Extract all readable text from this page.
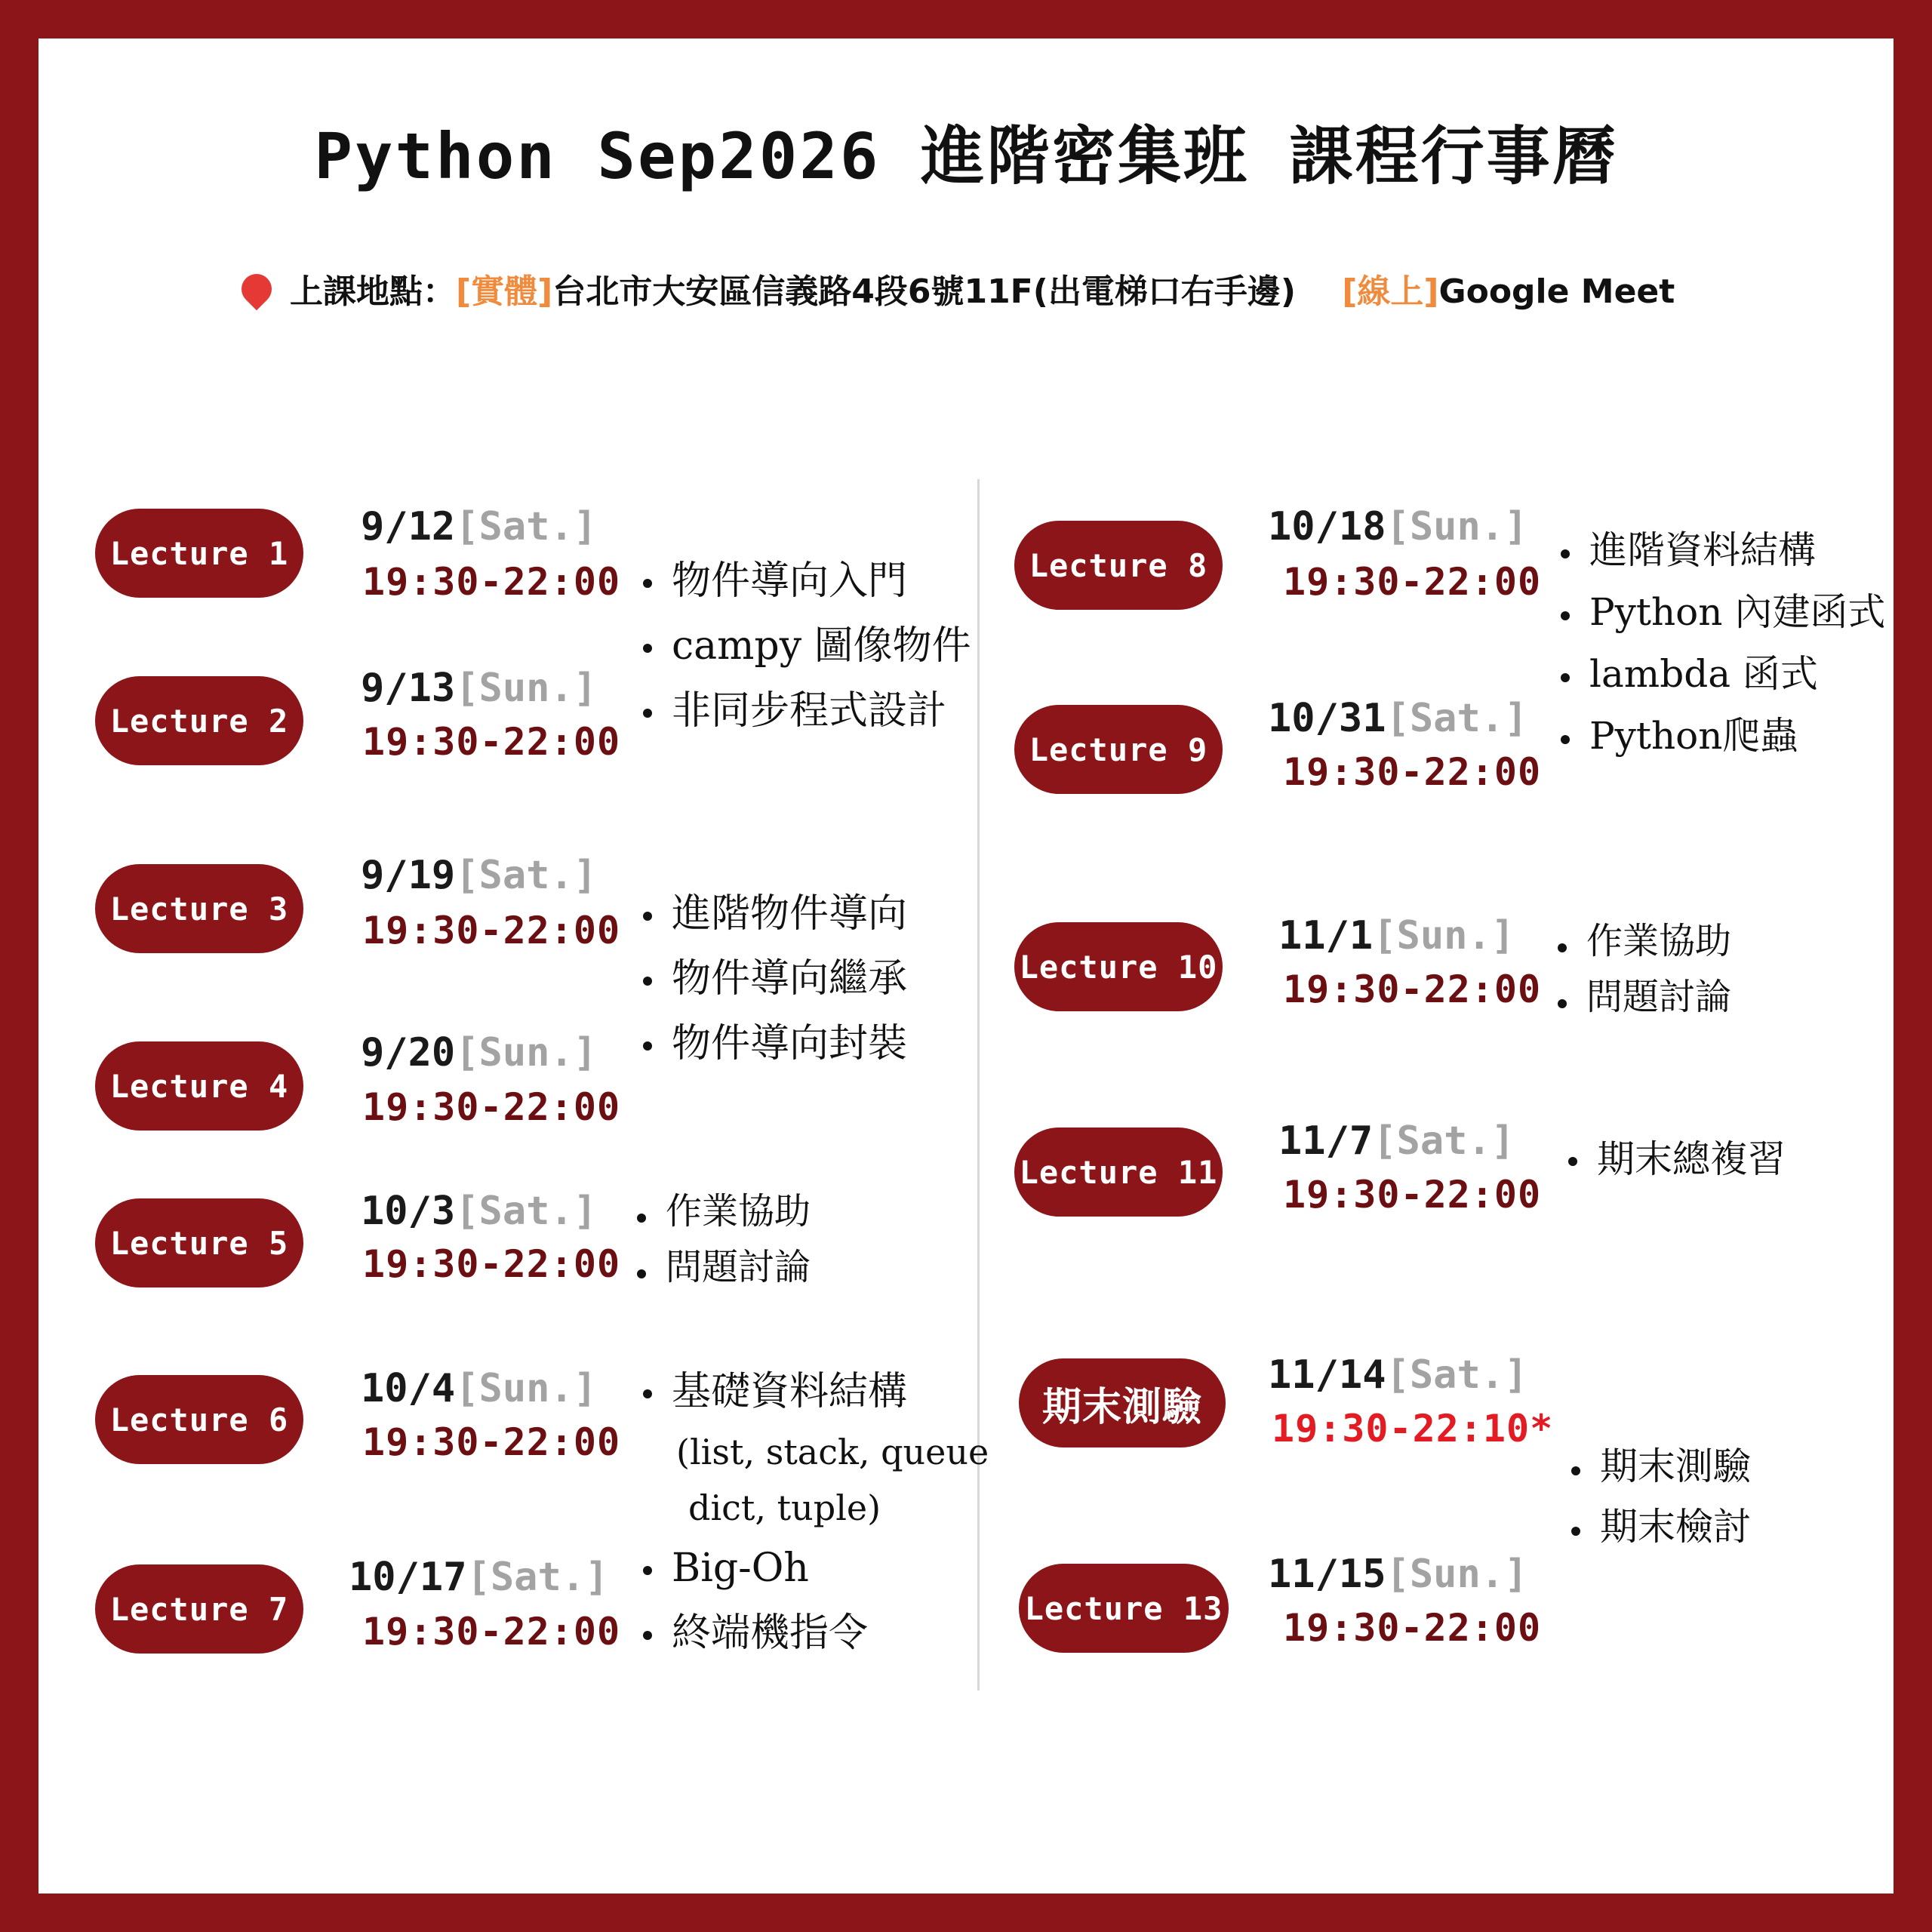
Python Sep2026 進階密集班 課程行事曆
上課地點：[實體]台北市大安區信義路4段6號11F(出電梯口右手邊) [線上]Google Meet
Lecture 1
9/12[Sat.]
19:30-22:00
Lecture 2
9/13[Sun.]
19:30-22:00
物件導向入門
campy 圖像物件
非同步程式設計
Lecture 3
9/19[Sat.]
19:30-22:00
Lecture 4
9/20[Sun.]
19:30-22:00
進階物件導向
物件導向繼承
物件導向封裝
Lecture 5
10/3[Sat.]
19:30-22:00
作業協助
問題討論
Lecture 6
10/4[Sun.]
19:30-22:00
Lecture 7
10/17[Sat.]
19:30-22:00
基礎資料結構
(list, stack, queue
dict, tuple)
Big-Oh
終端機指令
Lecture 8
10/18[Sun.]
19:30-22:00
Lecture 9
10/31[Sat.]
19:30-22:00
進階資料結構
Python 內建函式
lambda 函式
Python爬蟲
Lecture 10
11/1[Sun.]
19:30-22:00
作業協助
問題討論
Lecture 11
11/7[Sat.]
19:30-22:00
期末總複習
期末測驗
11/14[Sat.]
19:30-22:10*
Lecture 13
11/15[Sun.]
19:30-22:00
期末測驗
期末檢討
